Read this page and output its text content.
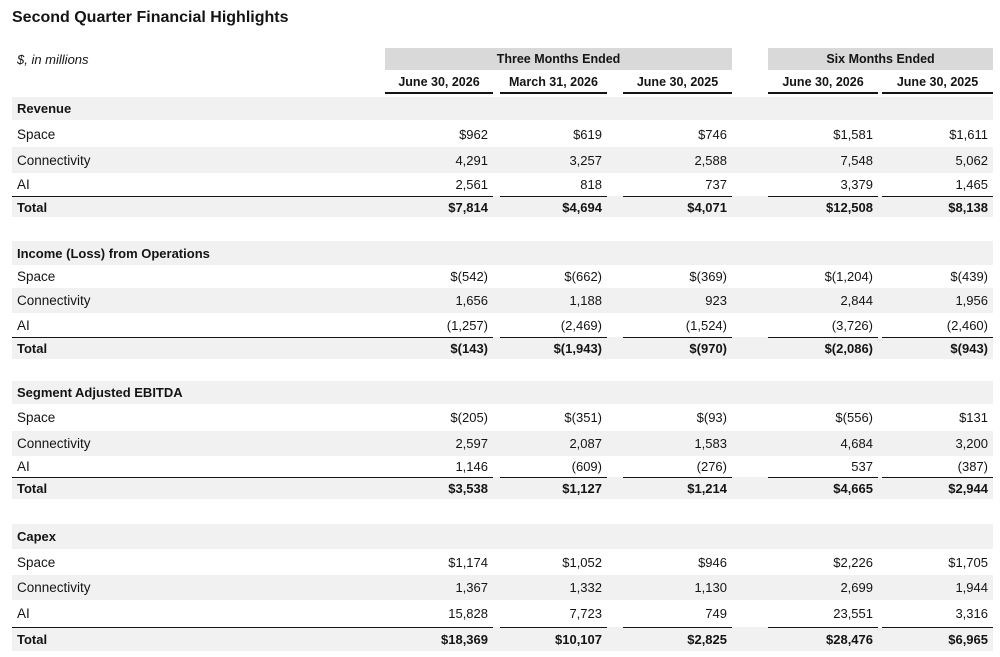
Second Quarter Financial Highlights
$, in millions	Three Months Ended	Six Months Ended
June 30, 2026	March 31, 2026	June 30, 2025	June 30, 2026	June 30, 2025
Revenue
Space	$962	$619	$746	$1,581	$1,611
Connectivity	4,291	3,257	2,588	7,548	5,062
AI	2,561	818	737	3,379	1,465
Total	$7,814	$4,694	$4,071	$12,508	$8,138
Income (Loss) from Operations
Space	$(542)	$(662)	$(369)	$(1,204)	$(439)
Connectivity	1,656	1,188	923	2,844	1,956
AI	(1,257)	(2,469)	(1,524)	(3,726)	(2,460)
Total	$(143)	$(1,943)	$(970)	$(2,086)	$(943)
Segment Adjusted EBITDA
Space	$(205)	$(351)	$(93)	$(556)	$131
Connectivity	2,597	2,087	1,583	4,684	3,200
AI	1,146	(609)	(276)	537	(387)
Total	$3,538	$1,127	$1,214	$4,665	$2,944
Capex
Space	$1,174	$1,052	$946	$2,226	$1,705
Connectivity	1,367	1,332	1,130	2,699	1,944
AI	15,828	7,723	749	23,551	3,316
Total	$18,369	$10,107	$2,825	$28,476	$6,965
